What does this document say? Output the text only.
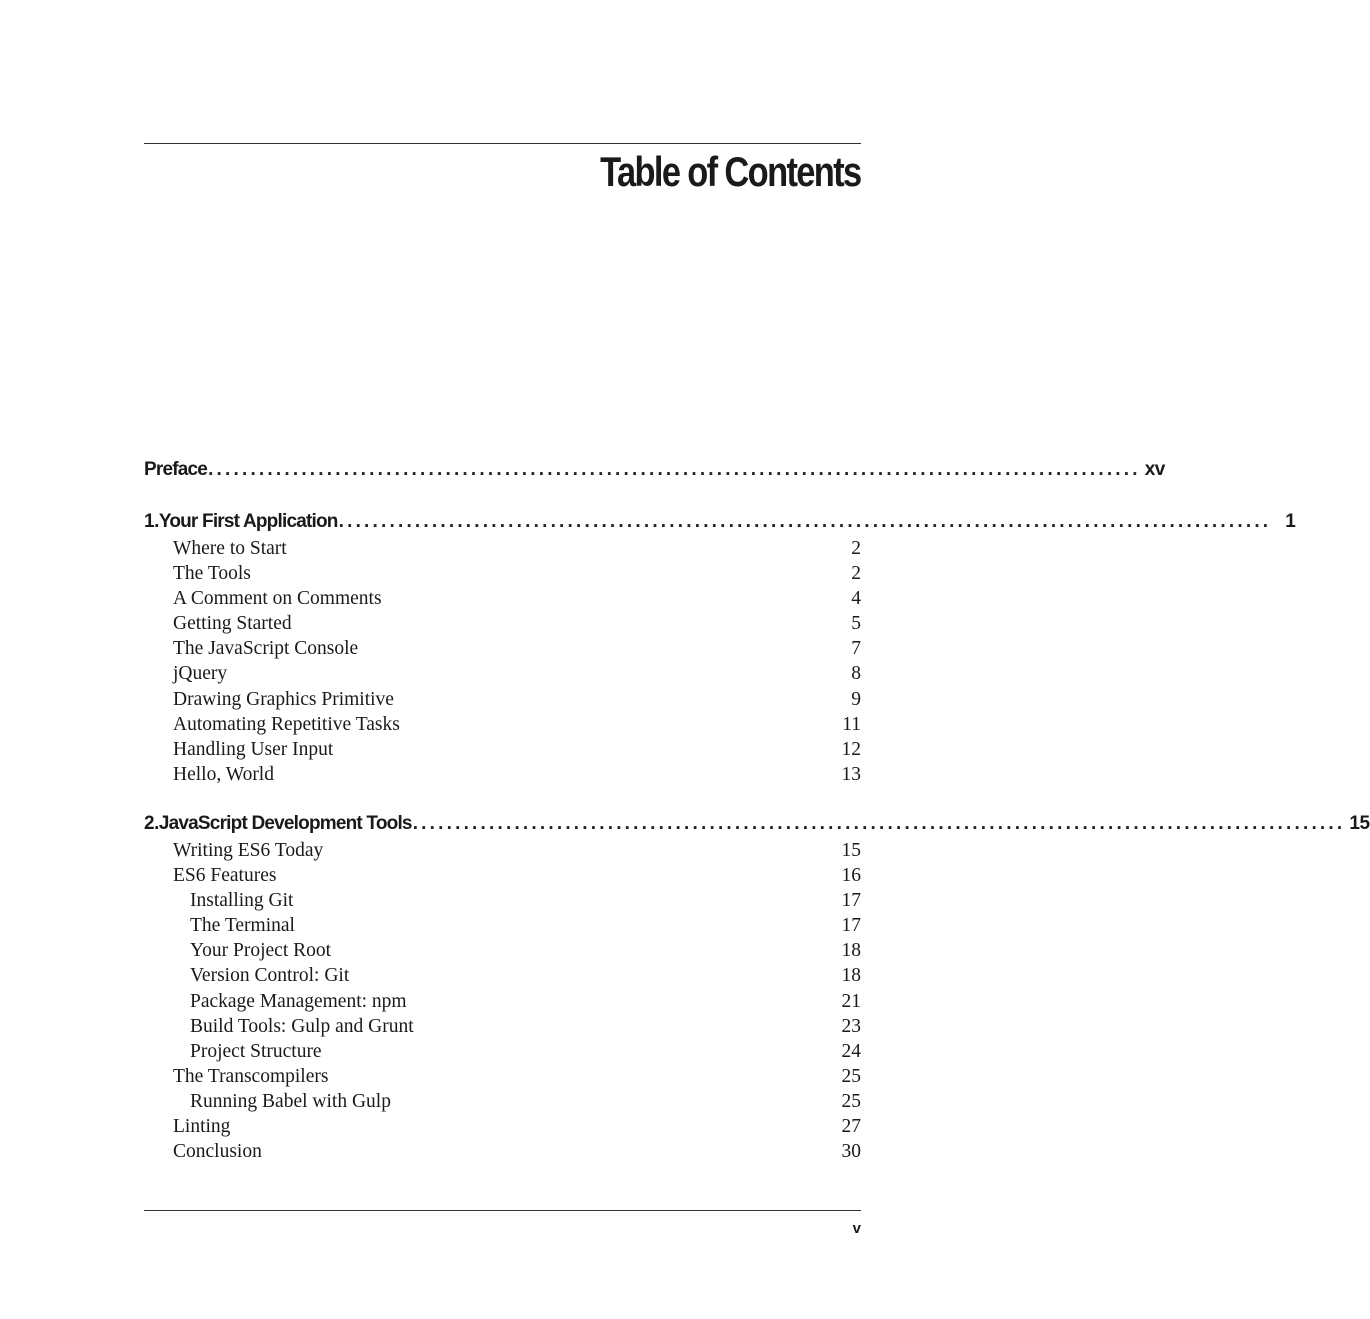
Table of Contents
Preface .............................................................................................................. xv
1. Your First Application .............................................................................................................. 1
Where to Start	2
The Tools	2
A Comment on Comments	4
Getting Started	5
The JavaScript Console	7
jQuery	8
Drawing Graphics Primitive	9
Automating Repetitive Tasks	11
Handling User Input	12
Hello, World	13
2. JavaScript Development Tools .............................................................................................................. 15
Writing ES6 Today	15
ES6 Features	16
Installing Git	17
The Terminal	17
Your Project Root	18
Version Control: Git	18
Package Management: npm	21
Build Tools: Gulp and Grunt	23
Project Structure	24
The Transcompilers	25
Running Babel with Gulp	25
Linting	27
Conclusion	30
v
